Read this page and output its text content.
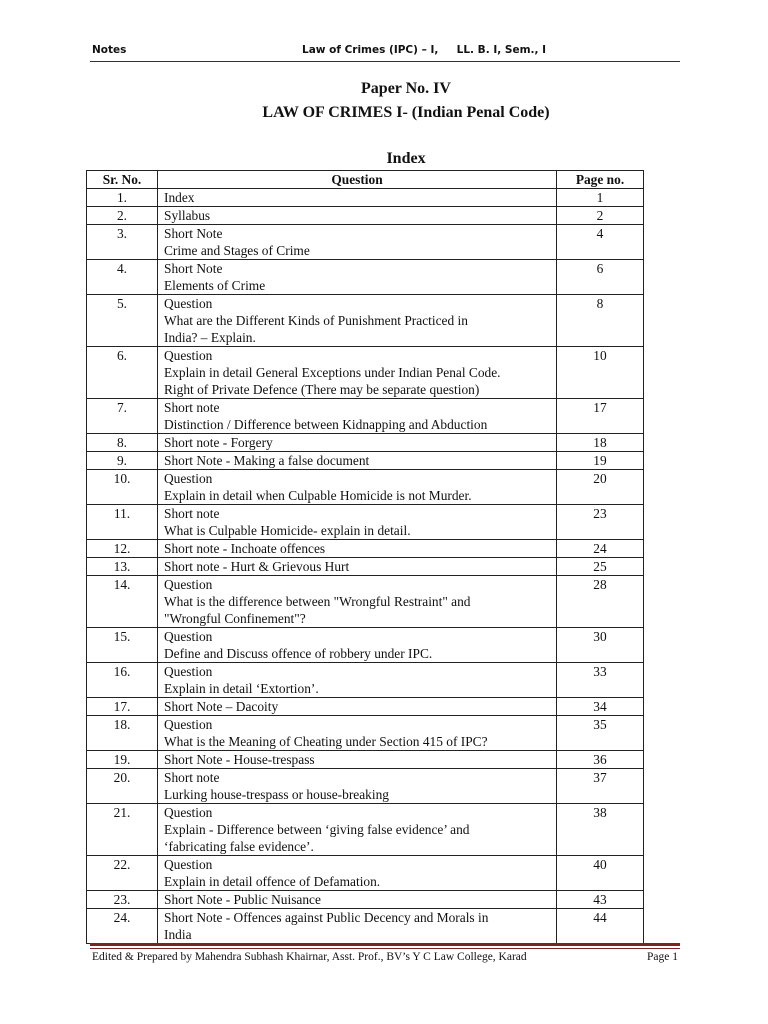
Notes	Law of Crimes (IPC) – I,     LL. B. I, Sem., I
Paper No. IV
LAW OF CRIMES I- (Indian Penal Code)
Index
Sr. No.	Question	Page no.
1.	Index	1
2.	Syllabus	2
3.	Short Note
Crime and Stages of Crime	4
4.	Short Note
Elements of Crime	6
5.	Question
What are the Different Kinds of Punishment Practiced in
India? – Explain.	8
6.	Question
Explain in detail General Exceptions under Indian Penal Code.
Right of Private Defence (There may be separate question)	10
7.	Short note
Distinction / Difference between Kidnapping and Abduction	17
8.	Short note - Forgery	18
9.	Short Note - Making a false document	19
10.	Question
Explain in detail when Culpable Homicide is not Murder.	20
11.	Short note
What is Culpable Homicide- explain in detail.	23
12.	Short note - Inchoate offences	24
13.	Short note - Hurt & Grievous Hurt	25
14.	Question
What is the difference between "Wrongful Restraint" and
"Wrongful Confinement"?	28
15.	Question
Define and Discuss offence of robbery under IPC.	30
16.	Question
Explain in detail ‘Extortion’.	33
17.	Short Note – Dacoity	34
18.	Question
What is the Meaning of Cheating under Section 415 of IPC?	35
19.	Short Note - House-trespass	36
20.	Short note
Lurking house-trespass or house-breaking	37
21.	Question
Explain - Difference between ‘giving false evidence’ and
‘fabricating false evidence’.	38
22.	Question
Explain in detail offence of Defamation.	40
23.	Short Note - Public Nuisance	43
24.	Short Note - Offences against Public Decency and Morals in
India	44
Edited & Prepared by Mahendra Subhash Khairnar, Asst. Prof., BV’s Y C Law College, Karad	Page 1
